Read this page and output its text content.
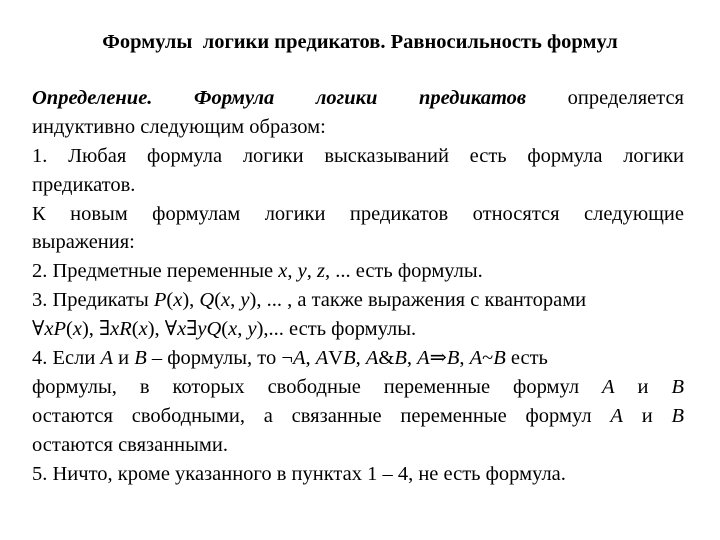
Формулы  логики предикатов. Равносильность формул
Определение. Формула логики предикатов определяется
индуктивно следующим образом:
1. Любая формула логики высказываний есть формула логики
предикатов.
К новым формулам логики предикатов относятся следующие
выражения:
2. Предметные переменные x, y, z, ... есть формулы.
3. Предикаты P(x), Q(x, y), ... , а также выражения с кванторами
∀xP(x), ∃xR(x), ∀x∃yQ(x, y),... есть формулы.
4. Если A и B – формулы, то ¬A, AVB, A&B, A⇒B, A~B есть
формулы, в которых свободные переменные формул A и B
остаются свободными, а связанные переменные формул A и B
остаются связанными.
5. Ничто, кроме указанного в пунктах 1 – 4, не есть формула.
